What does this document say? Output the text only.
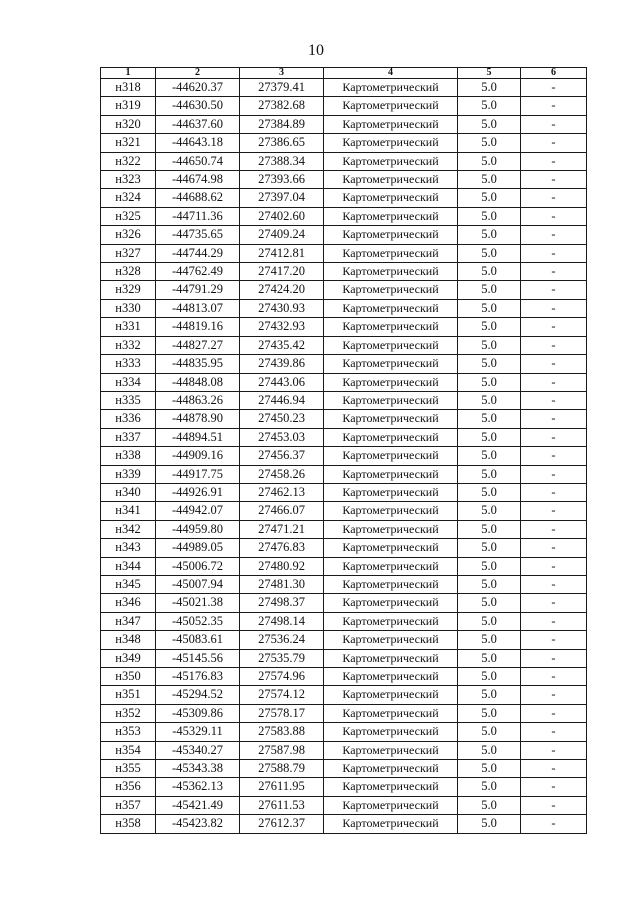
10
1	2	3	4	5	6
н318	-44620.37	27379.41	Картометрический	5.0	-
н319	-44630.50	27382.68	Картометрический	5.0	-
н320	-44637.60	27384.89	Картометрический	5.0	-
н321	-44643.18	27386.65	Картометрический	5.0	-
н322	-44650.74	27388.34	Картометрический	5.0	-
н323	-44674.98	27393.66	Картометрический	5.0	-
н324	-44688.62	27397.04	Картометрический	5.0	-
н325	-44711.36	27402.60	Картометрический	5.0	-
н326	-44735.65	27409.24	Картометрический	5.0	-
н327	-44744.29	27412.81	Картометрический	5.0	-
н328	-44762.49	27417.20	Картометрический	5.0	-
н329	-44791.29	27424.20	Картометрический	5.0	-
н330	-44813.07	27430.93	Картометрический	5.0	-
н331	-44819.16	27432.93	Картометрический	5.0	-
н332	-44827.27	27435.42	Картометрический	5.0	-
н333	-44835.95	27439.86	Картометрический	5.0	-
н334	-44848.08	27443.06	Картометрический	5.0	-
н335	-44863.26	27446.94	Картометрический	5.0	-
н336	-44878.90	27450.23	Картометрический	5.0	-
н337	-44894.51	27453.03	Картометрический	5.0	-
н338	-44909.16	27456.37	Картометрический	5.0	-
н339	-44917.75	27458.26	Картометрический	5.0	-
н340	-44926.91	27462.13	Картометрический	5.0	-
н341	-44942.07	27466.07	Картометрический	5.0	-
н342	-44959.80	27471.21	Картометрический	5.0	-
н343	-44989.05	27476.83	Картометрический	5.0	-
н344	-45006.72	27480.92	Картометрический	5.0	-
н345	-45007.94	27481.30	Картометрический	5.0	-
н346	-45021.38	27498.37	Картометрический	5.0	-
н347	-45052.35	27498.14	Картометрический	5.0	-
н348	-45083.61	27536.24	Картометрический	5.0	-
н349	-45145.56	27535.79	Картометрический	5.0	-
н350	-45176.83	27574.96	Картометрический	5.0	-
н351	-45294.52	27574.12	Картометрический	5.0	-
н352	-45309.86	27578.17	Картометрический	5.0	-
н353	-45329.11	27583.88	Картометрический	5.0	-
н354	-45340.27	27587.98	Картометрический	5.0	-
н355	-45343.38	27588.79	Картометрический	5.0	-
н356	-45362.13	27611.95	Картометрический	5.0	-
н357	-45421.49	27611.53	Картометрический	5.0	-
н358	-45423.82	27612.37	Картометрический	5.0	-
